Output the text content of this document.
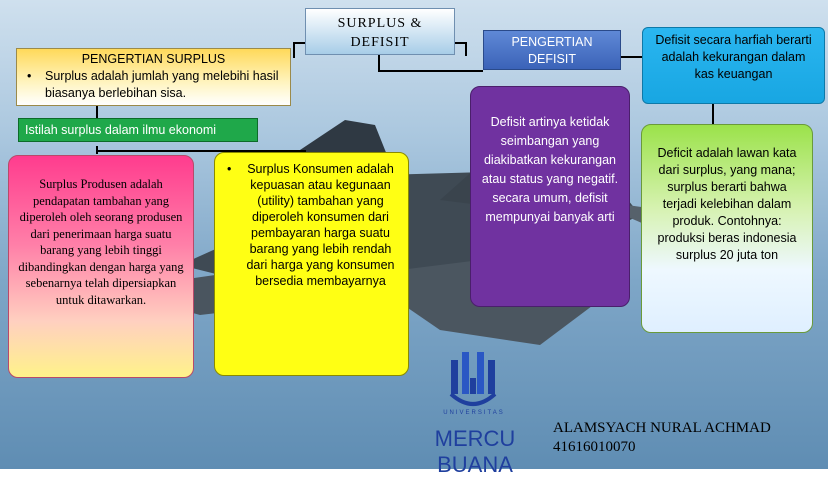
SURPLUS &
DEFISIT
PENGERTIAN SURPLUS
•	Surplus adalah jumlah yang melebihi hasil biasanya berlebihan sisa.
Istilah surplus dalam ilmu ekonomi
Surplus Produsen adalah pendapatan tambahan yang diperoleh oleh seorang produsen dari penerimaan harga suatu barang yang lebih tinggi dibandingkan dengan harga yang sebenarnya telah dipersiapkan untuk ditawarkan.
•	Surplus Konsumen adalah kepuasan atau kegunaan (utility) tambahan yang diperoleh konsumen dari pembayaran harga suatu barang yang lebih rendah dari harga yang konsumen bersedia membayarnya
PENGERTIAN
DEFISIT
Defisit secara harfiah berarti adalah kekurangan dalam kas keuangan
Defisit artinya ketidak seimbangan yang diakibatkan kekurangan atau status yang negatif. secara umum, defisit mempunyai banyak arti
Deficit adalah lawan kata dari surplus, yang mana; surplus berarti bahwa terjadi kelebihan dalam produk. Contohnya: produksi beras indonesia surplus 20 juta ton
UNIVERSITAS
MERCU BUANA
ALAMSYACH NURAL ACHMAD
41616010070
